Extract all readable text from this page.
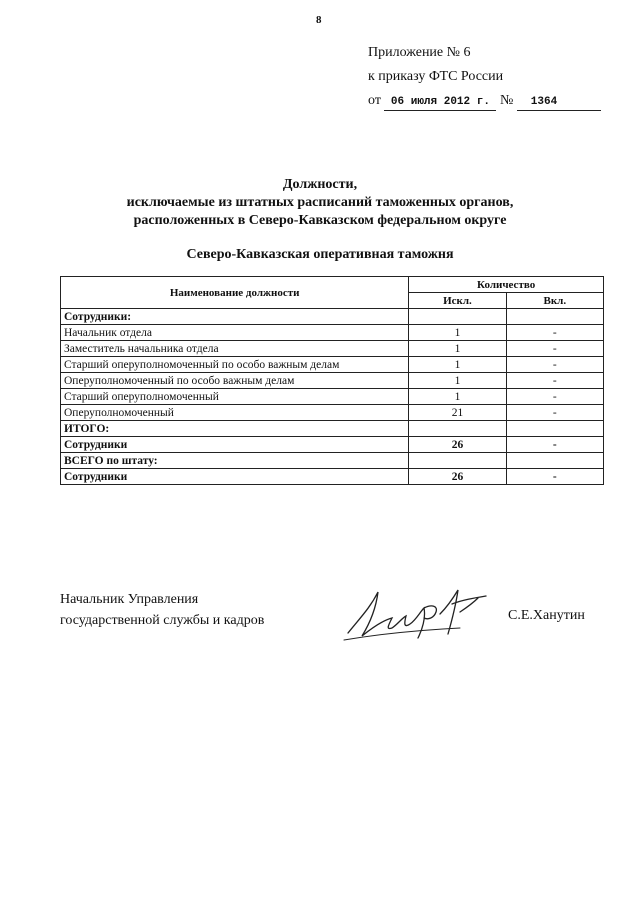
8
Приложение № 6
к приказу ФТС России
от 06 июля 2012 г. № 1364
Должности,
исключаемые из штатных расписаний таможенных органов,
расположенных в Северо-Кавказском федеральном округе
Северо-Кавказская оперативная таможня
Наименование должности	Количество	
	Искл.	Вкл.
Сотрудники:		
Начальник отдела	1	-
Заместитель начальника отдела	1	-
Старший оперуполномоченный по особо важным делам	1	-
Оперуполномоченный по особо важным делам	1	-
Старший оперуполномоченный	1	-
Оперуполномоченный	21	-
ИТОГО:		
Сотрудники	26	-
ВСЕГО по штату:		
Сотрудники	26	-
Начальник Управления
государственной службы и кадров	С.Е.Ханутин
